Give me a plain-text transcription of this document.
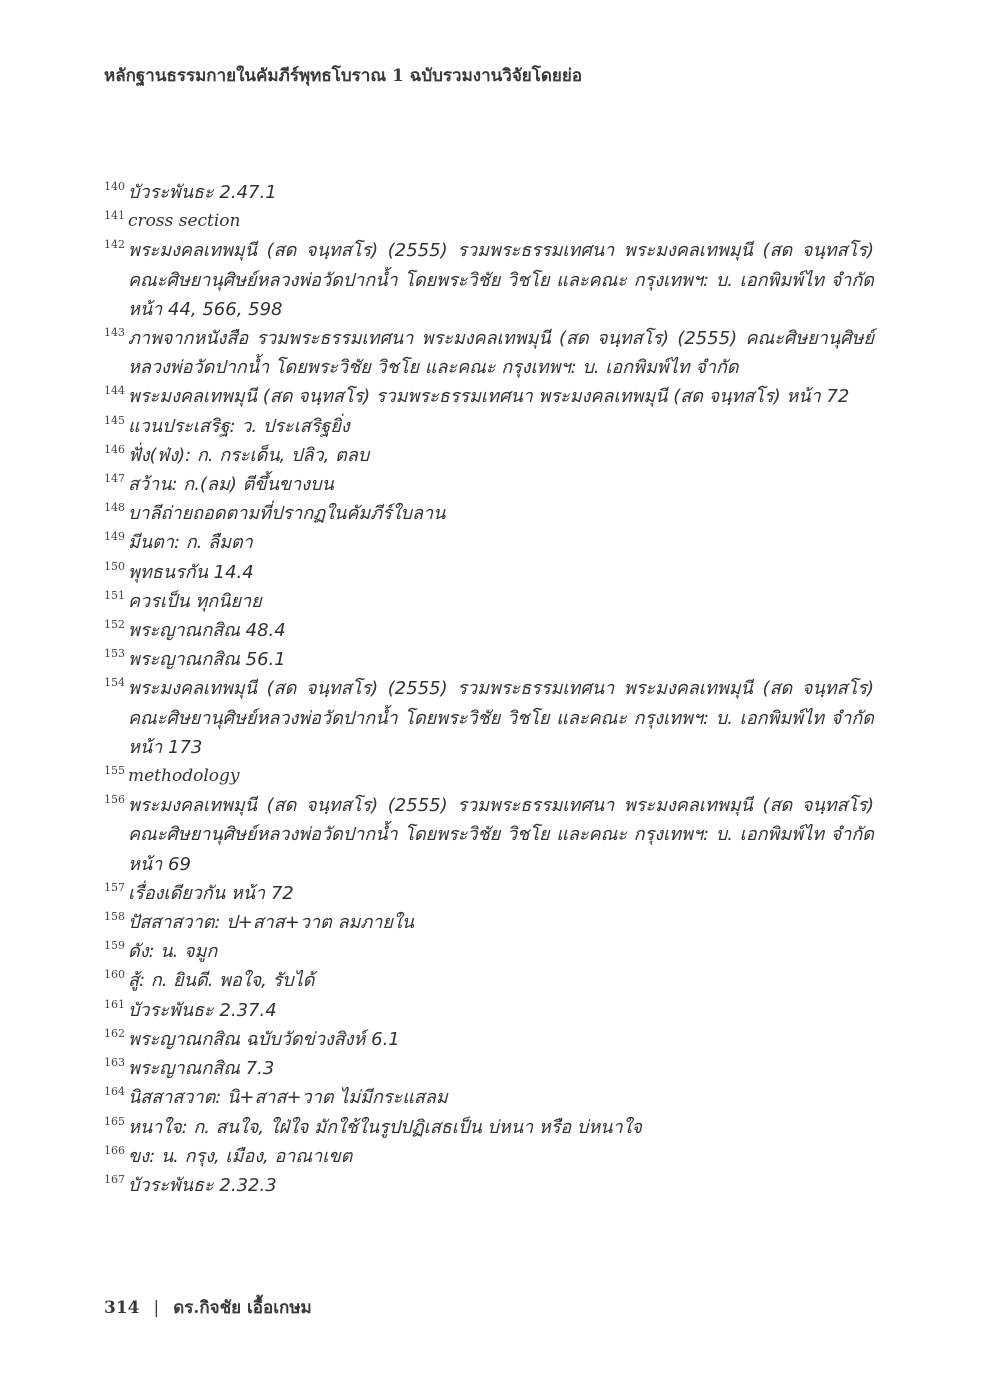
หลักฐานธรรมกายในคัมภีร์พุทธโบราณ 1 ฉบับรวมงานวิจัยโดยย่อ
140 บัวระพันธะ 2.47.1
141 cross section
142 พระมงคลเทพมุนี (สด จนฺทสโร) (2555) รวมพระธรรมเทศนา พระมงคลเทพมุนี (สด จนฺทสโร) คณะศิษยานุศิษย์หลวงพ่อวัดปากน้ำ โดยพระวิชัย วิชโย และคณะ กรุงเทพฯ: บ. เอกพิมพ์ไท จำกัด หน้า 44, 566, 598
143 ภาพจากหนังสือ รวมพระธรรมเทศนา พระมงคลเทพมุนี (สด จนฺทสโร) (2555) คณะศิษยานุศิษย์หลวงพ่อวัดปากน้ำ โดยพระวิชัย วิชโย และคณะ กรุงเทพฯ: บ. เอกพิมพ์ไท จำกัด
144 พระมงคลเทพมุนี (สด จนฺทสโร) รวมพระธรรมเทศนา พระมงคลเทพมุนี (สด จนฺทสโร) หน้า 72
145 แวนประเสริฐ: ว. ประเสริฐยิ่ง
146 ฟั่ง(ฟ่ง): ก. กระเด็น, ปลิว, ตลบ
147 สว้าน: ก.(ลม) ตีขึ้นขางบน
148 บาลีถ่ายถอดตามที่ปรากฏในคัมภีร์ใบลาน
149 มีนตา: ก. ลืมตา
150 พุทธนรกัน 14.4
151 ควรเป็น ทุกนิยาย
152 พระญาณกสิณ 48.4
153 พระญาณกสิณ 56.1
154 พระมงคลเทพมุนี (สด จนฺทสโร) (2555) รวมพระธรรมเทศนา พระมงคลเทพมุนี (สด จนฺทสโร) คณะศิษยานุศิษย์หลวงพ่อวัดปากน้ำ โดยพระวิชัย วิชโย และคณะ กรุงเทพฯ: บ. เอกพิมพ์ไท จำกัด หน้า 173
155 methodology
156 พระมงคลเทพมุนี (สด จนฺทสโร) (2555) รวมพระธรรมเทศนา พระมงคลเทพมุนี (สด จนฺทสโร) คณะศิษยานุศิษย์หลวงพ่อวัดปากน้ำ โดยพระวิชัย วิชโย และคณะ กรุงเทพฯ: บ. เอกพิมพ์ไท จำกัด หน้า 69
157 เรื่องเดียวกัน หน้า 72
158 ปัสสาสวาต: ป+สาส+วาต ลมภายใน
159 ดัง: น. จมูก
160 สู้: ก. ยินดี. พอใจ, รับได้
161 บัวระพันธะ 2.37.4
162 พระญาณกสิณ ฉบับวัดข่วงสิงห์ 6.1
163 พระญาณกสิณ 7.3
164 นิสสาสวาต: นิ+สาส+วาต ไม่มีกระแสลม
165 หนาใจ: ก. สนใจ, ใฝ่ใจ มักใช้ในรูปปฏิเสธเป็น บ่หนา หรือ บ่หนาใจ
166 ขง: น. กรุง, เมือง, อาณาเขต
167 บัวระพันธะ 2.32.3
314 | ดร.กิจชัย เอื้อเกษม
